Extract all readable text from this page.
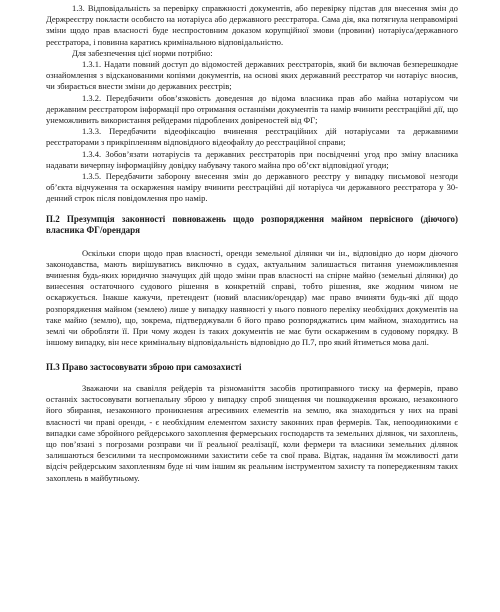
1.3. Відповідальність за перевірку справжності документів, або перевірку підстав для внесення змін до Держреєстру покласти особисто на нотаріуса або державного реєстратора. Сама дія, яка потягнула неправомірні зміни щодо прав власності буде неспростовним доказом корупційної змови (провини) нотаріуса/державного реєстратора, і повинна каратись кримінальною відповідальністю.

Для забезпечення цієї норми потрібно:

1.3.1. Надати повний доступ до відомостей державних реєстраторів, який би включав безперешкодне ознайомлення з відсканованими копіями документів, на основі яких державний реєстратор чи нотаріус вносив, чи збирається внести зміни до державних реєстрів;

1.3.2. Передбачити обов’язковість доведення до відома власника прав або майна нотаріусом чи державним реєстратором інформації про отримання останніми документів та намір вчинити реєстраційні дії, що унеможливить використання рейдерами підроблених довіреностей від ФГ;

1.3.3. Передбачити відеофіксацію вчинення реєстраційних дій нотаріусами та державними реєстраторами з прикріпленням відповідного відеофайлу до реєстраційної справи;

1.3.4. Зобов’язати нотаріусів та державних реєстраторів при посвідченні угод про зміну власника надавати вичерпну інформаційну довідку набувачу такого майна про об’єкт відповідної угоди;

1.3.5. Передбачити заборону внесення змін до державного реєстру у випадку письмової незгоди об’єкта відчуження та оскарження наміру вчинити реєстраційні дії нотаріуса чи державного реєстратора у 30-денний строк після повідомлення про намір.

П.2 Презумпція законності повноважень щодо розпорядження майном первісного (діючого) власника ФГ/орендаря

Оскільки спори щодо прав власності, оренди земельної ділянки чи ін., відповідно до норм діючого законодавства, мають вирішуватись виключно в судах, актуальним залишається питання унеможливлення вчинення будь-яких юридично значущих дій щодо зміни прав власності на спірне майно (земельні ділянки) до винесення остаточного судового рішення в конкретній справі, тобто рішення, яке жодним чином не оскаржується. Інакше кажучи, претендент (новий власник/орендар) має право вчиняти будь-які дії щодо розпорядження майном (землею) лише у випадку наявності у нього повного переліку необхідних документів на таке майно (землю), що, зокрема, підтверджували б його право розпоряджатись цим майном, знаходитись на землі чи обробляти її. При чому жоден із таких документів не має бути оскарженим в судовому порядку. В іншому випадку, він несе кримінальну відповідальність відповідно до П.7, про який йтиметься мова далі.

П.3 Право застосовувати зброю при самозахисті

Зважаючи на свавілля рейдерів та різноманіття засобів протиправного тиску на фермерів, право останніх застосовувати вогнепальну зброю у випадку спроб знищення чи пошкодження врожаю, незаконного його збирання, незаконного проникнення агресивних елементів на землю, яка знаходиться у них на праві власності чи праві оренди, - є необхідним елементом захисту законних прав фермерів. Так, непоодинокими є випадки саме збройного рейдерського захоплення фермерських господарств та земельних ділянок, чи захоплень, що пов’язані з погрозами розправи чи її реальної реалізації, коли фермери та власники земельних ділянок залишаються безсилими та неспроможними захистити себе та свої права. Відтак, надання їм можливості дати відсіч рейдерським захопленням буде ні чим іншим як реальним інструментом захисту та попередженням таких захоплень в майбутньому.
